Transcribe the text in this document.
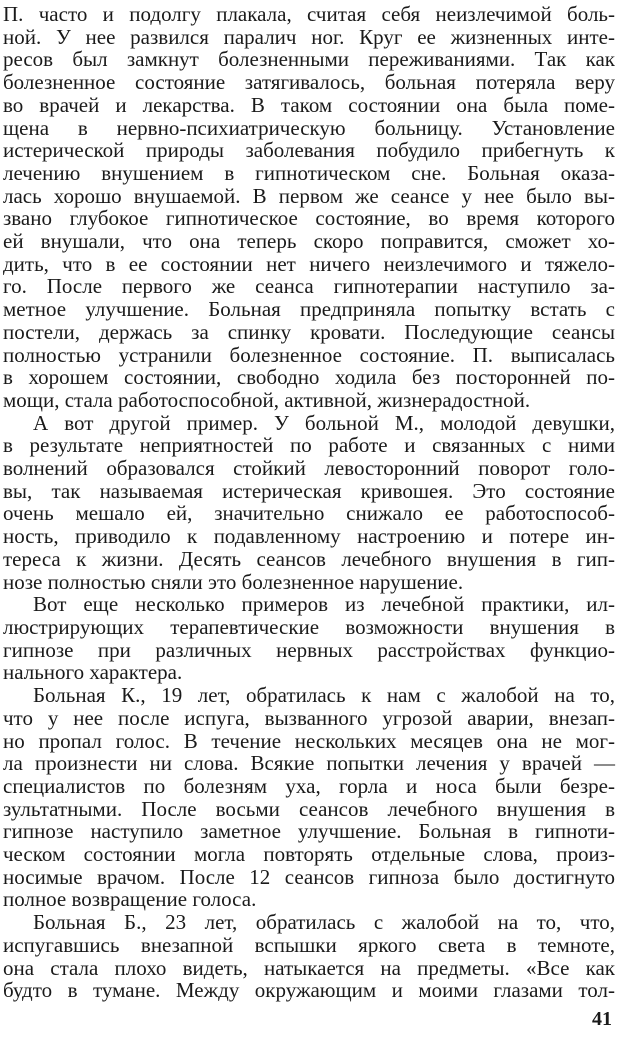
П. часто и подолгу плакала, считая себя неизлечимой боль-
ной. У нее развился паралич ног. Круг ее жизненных инте-
ресов был замкнут болезненными переживаниями. Так как
болезненное состояние затягивалось, больная потеряла веру
во врачей и лекарства. В таком состоянии она была поме-
щена в нервно-психиатрическую больницу. Установление
истерической природы заболевания побудило прибегнуть к
лечению внушением в гипнотическом сне. Больная оказа-
лась хорошо внушаемой. В первом же сеансе у нее было вы-
звано глубокое гипнотическое состояние, во время которого
ей внушали, что она теперь скоро поправится, сможет хо-
дить, что в ее состоянии нет ничего неизлечимого и тяжело-
го. После первого же сеанса гипнотерапии наступило за-
метное улучшение. Больная предприняла попытку встать с
постели, держась за спинку кровати. Последующие сеансы
полностью устранили болезненное состояние. П. выписалась
в хорошем состоянии, свободно ходила без посторонней по-
мощи, стала работоспособной, активной, жизнерадостной.
А вот другой пример. У больной М., молодой девушки,
в результате неприятностей по работе и связанных с ними
волнений образовался стойкий левосторонний поворот голо-
вы, так называемая истерическая кривошея. Это состояние
очень мешало ей, значительно снижало ее работоспособ-
ность, приводило к подавленному настроению и потере ин-
тереса к жизни. Десять сеансов лечебного внушения в гип-
нозе полностью сняли это болезненное нарушение.
Вот еще несколько примеров из лечебной практики, ил-
люстрирующих терапевтические возможности внушения в
гипнозе при различных нервных расстройствах функцио-
нального характера.
Больная К., 19 лет, обратилась к нам с жалобой на то,
что у нее после испуга, вызванного угрозой аварии, внезап-
но пропал голос. В течение нескольких месяцев она не мог-
ла произнести ни слова. Всякие попытки лечения у врачей —
специалистов по болезням уха, горла и носа были безре-
зультатными. После восьми сеансов лечебного внушения в
гипнозе наступило заметное улучшение. Больная в гипноти-
ческом состоянии могла повторять отдельные слова, произ-
носимые врачом. После 12 сеансов гипноза было достигнуто
полное возвращение голоса.
Больная Б., 23 лет, обратилась с жалобой на то, что,
испугавшись внезапной вспышки яркого света в темноте,
она стала плохо видеть, натыкается на предметы. «Все как
будто в тумане. Между окружающим и моими глазами тол-
41
